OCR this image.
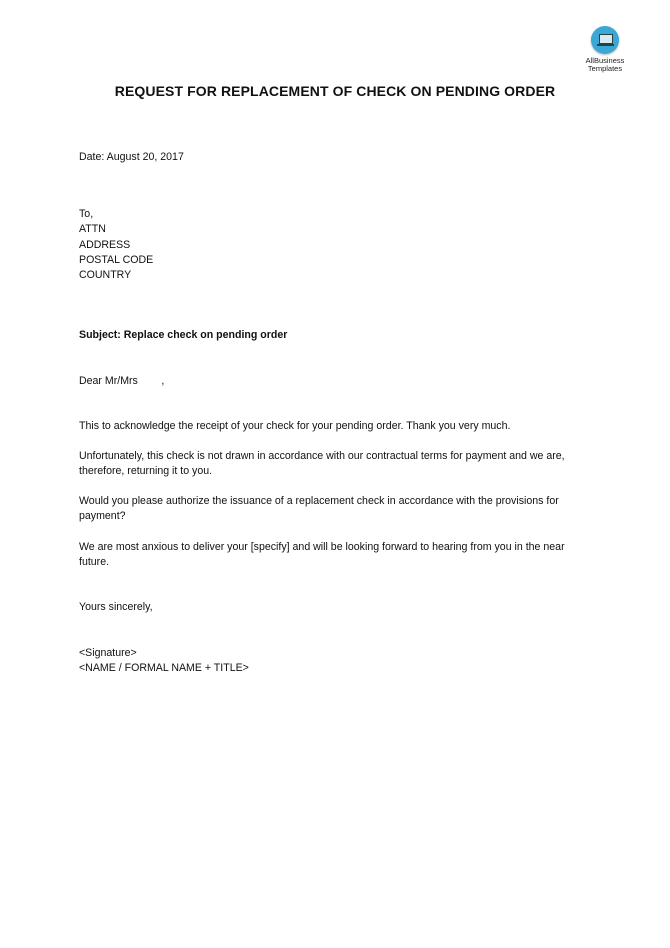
AllBusiness
Templates
REQUEST FOR REPLACEMENT OF CHECK ON PENDING ORDER
Date: August 20, 2017
To,
ATTN
ADDRESS
POSTAL CODE
COUNTRY
Subject: Replace check on pending order
Dear Mr/Mrs        ,
This to acknowledge the receipt of your check for your pending order. Thank you very much.
Unfortunately, this check is not drawn in accordance with our contractual terms for payment and we are, therefore, returning it to you.
Would you please authorize the issuance of a replacement check in accordance with the provisions for payment?
We are most anxious to deliver your [specify] and will be looking forward to hearing from you in the near future.
Yours sincerely,
<Signature>
<NAME / FORMAL NAME + TITLE>
